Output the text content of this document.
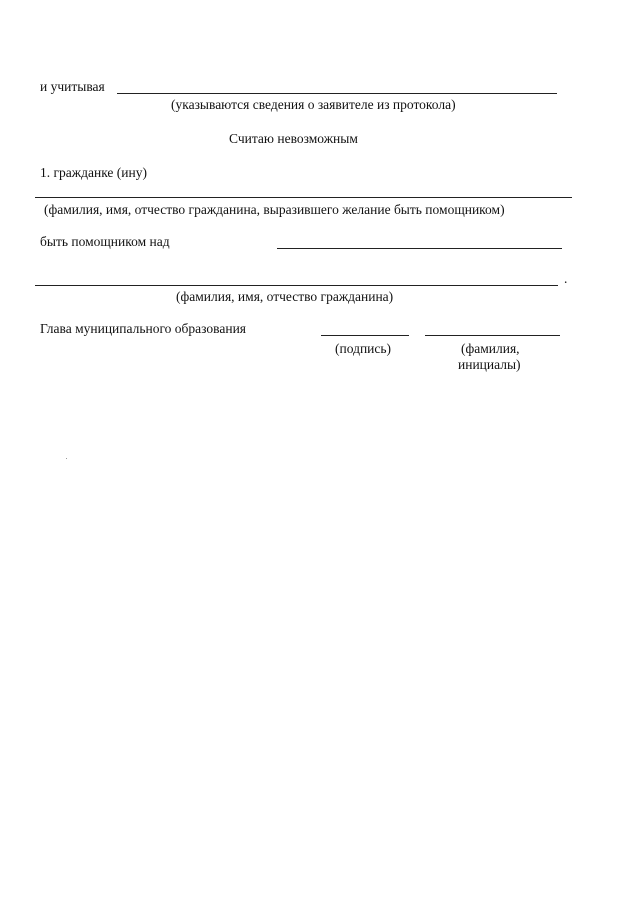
и учитывая
(указываются сведения о заявителе из протокола)
Считаю невозможным
1. гражданке (ину)
(фамилия, имя, отчество гражданина, выразившего желание быть помощником)
быть помощником над
.
(фамилия, имя, отчество гражданина)
Глава муниципального образования
(подпись)	(фамилия,
инициалы)
